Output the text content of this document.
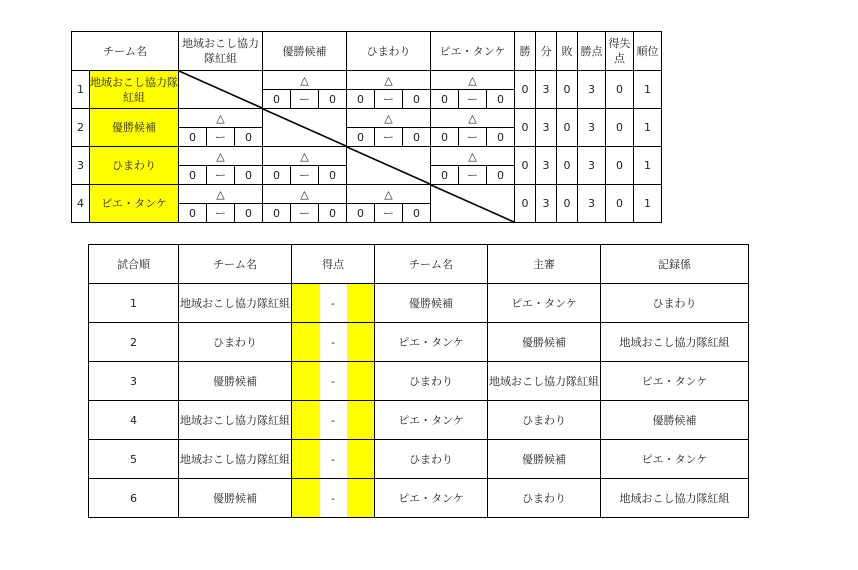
チーム名		地域おこし協力隊紅組			優勝候補			ひまわり			ピエ・タンケ			勝	分	敗	勝点	得失点	順位
1	地域おこし協力隊紅組				△			△			△			0	3	0	3	0	1
					0	ー	0	0	ー	0	0	ー	0						
2	優勝候補	△						△			△			0	3	0	3	0	1
		0	ー	0				0	ー	0	0	ー	0						
3	ひまわり	△			△						△			0	3	0	3	0	1
		0	ー	0	0	ー	0				0	ー	0						
4	ピエ・タンケ	△			△			△						0	3	0	3	0	1
		0	ー	0	0	ー	0	0	ー	0									
試合順	チーム名	得点			チーム名	主審	記録係
1	地域おこし協力隊紅組		-		優勝候補	ピエ・タンケ	ひまわり
2	ひまわり		-		ピエ・タンケ	優勝候補	地域おこし協力隊紅組
3	優勝候補		-		ひまわり	地域おこし協力隊紅組	ピエ・タンケ
4	地域おこし協力隊紅組		-		ピエ・タンケ	ひまわり	優勝候補
5	地域おこし協力隊紅組		-		ひまわり	優勝候補	ピエ・タンケ
6	優勝候補		-		ピエ・タンケ	ひまわり	地域おこし協力隊紅組
